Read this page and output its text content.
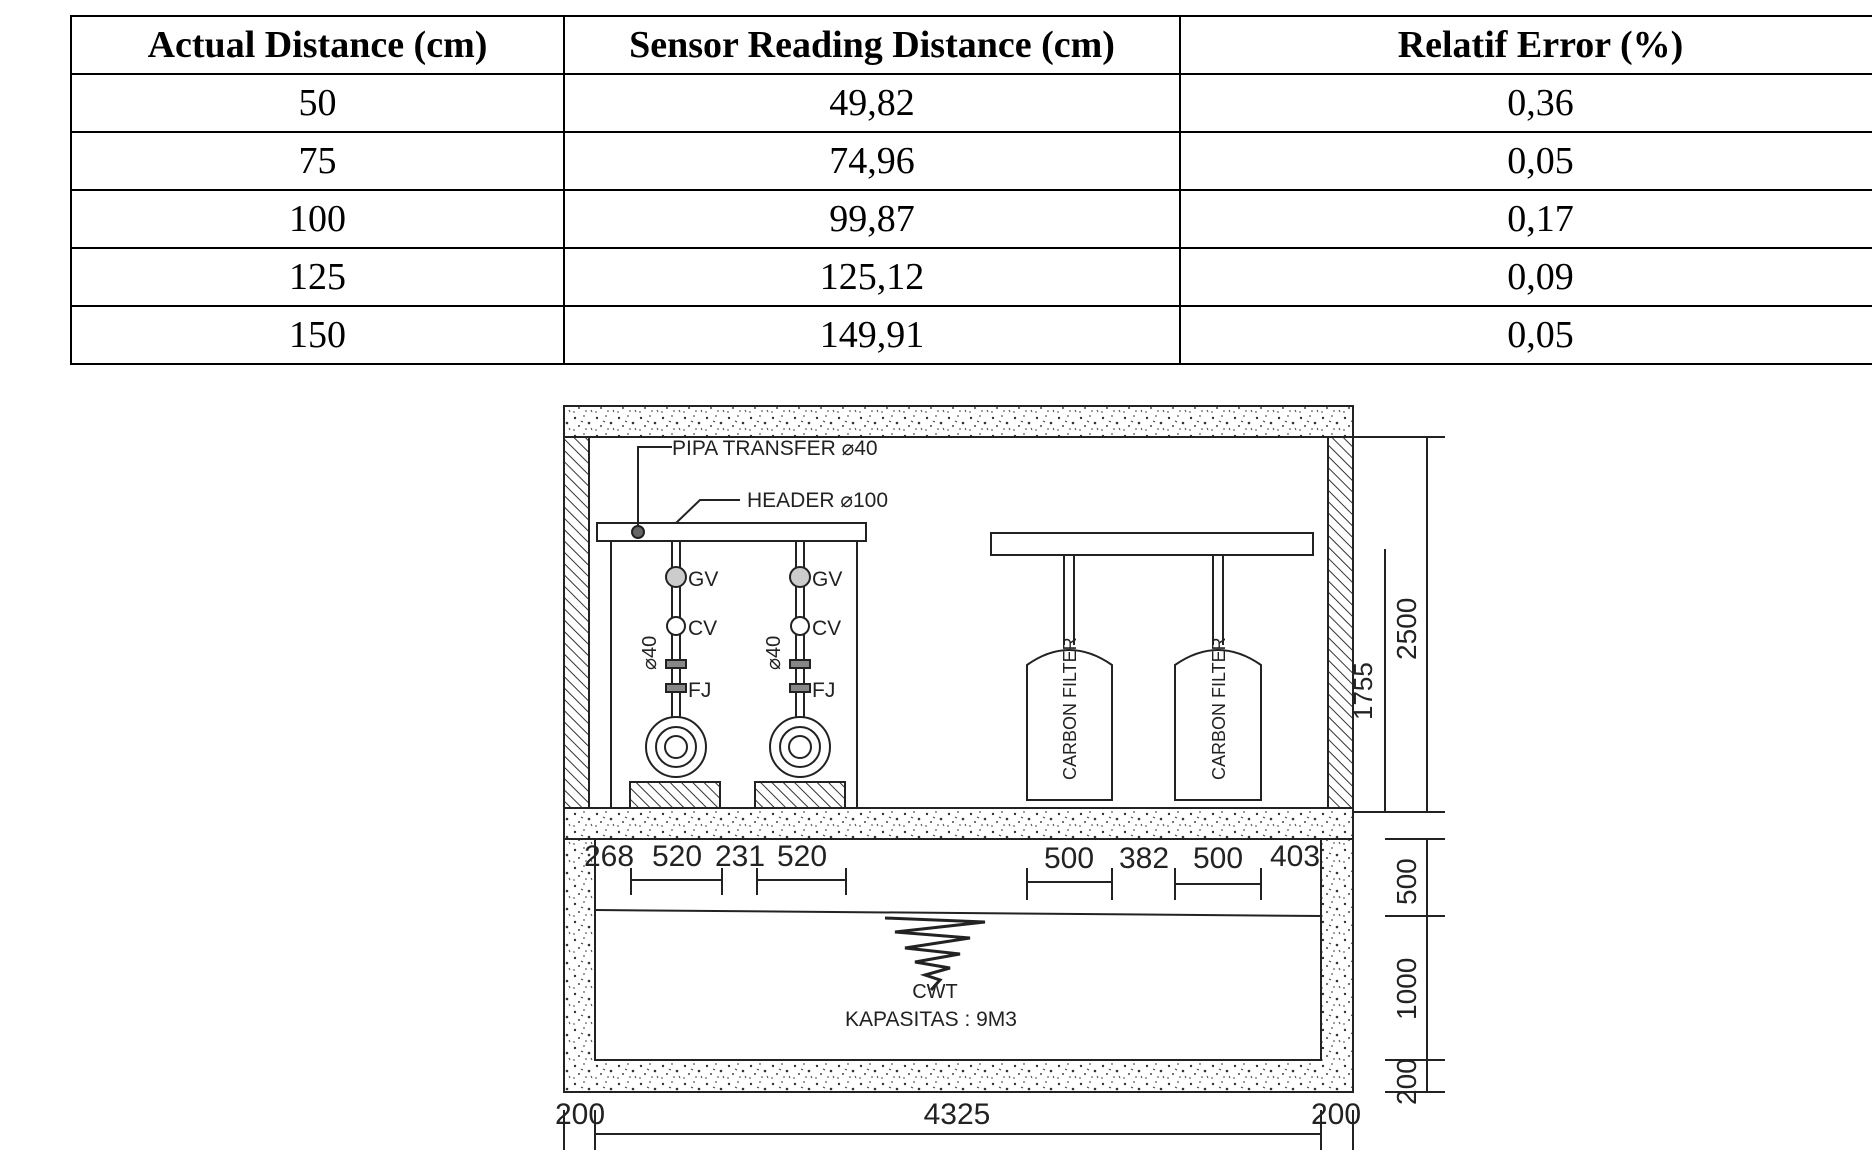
Actual Distance (cm)	Sensor Reading Distance (cm)	Relatif Error (%)
50	49,82	0,36
75	74,96	0,05
100	99,87	0,17
125	125,12	0,09
150	149,91	0,05
PIPA TRANSFER ⌀40
HEADER ⌀100
GV
CV
FJ
GV
CV
FJ
⌀40	⌀40	CARBON FILTER	CARBON FILTER	1755
2500
500
1000
200
268 520 231 520	500 382 500 403
CWT
KAPASITAS : 9M3
200	4325	200
